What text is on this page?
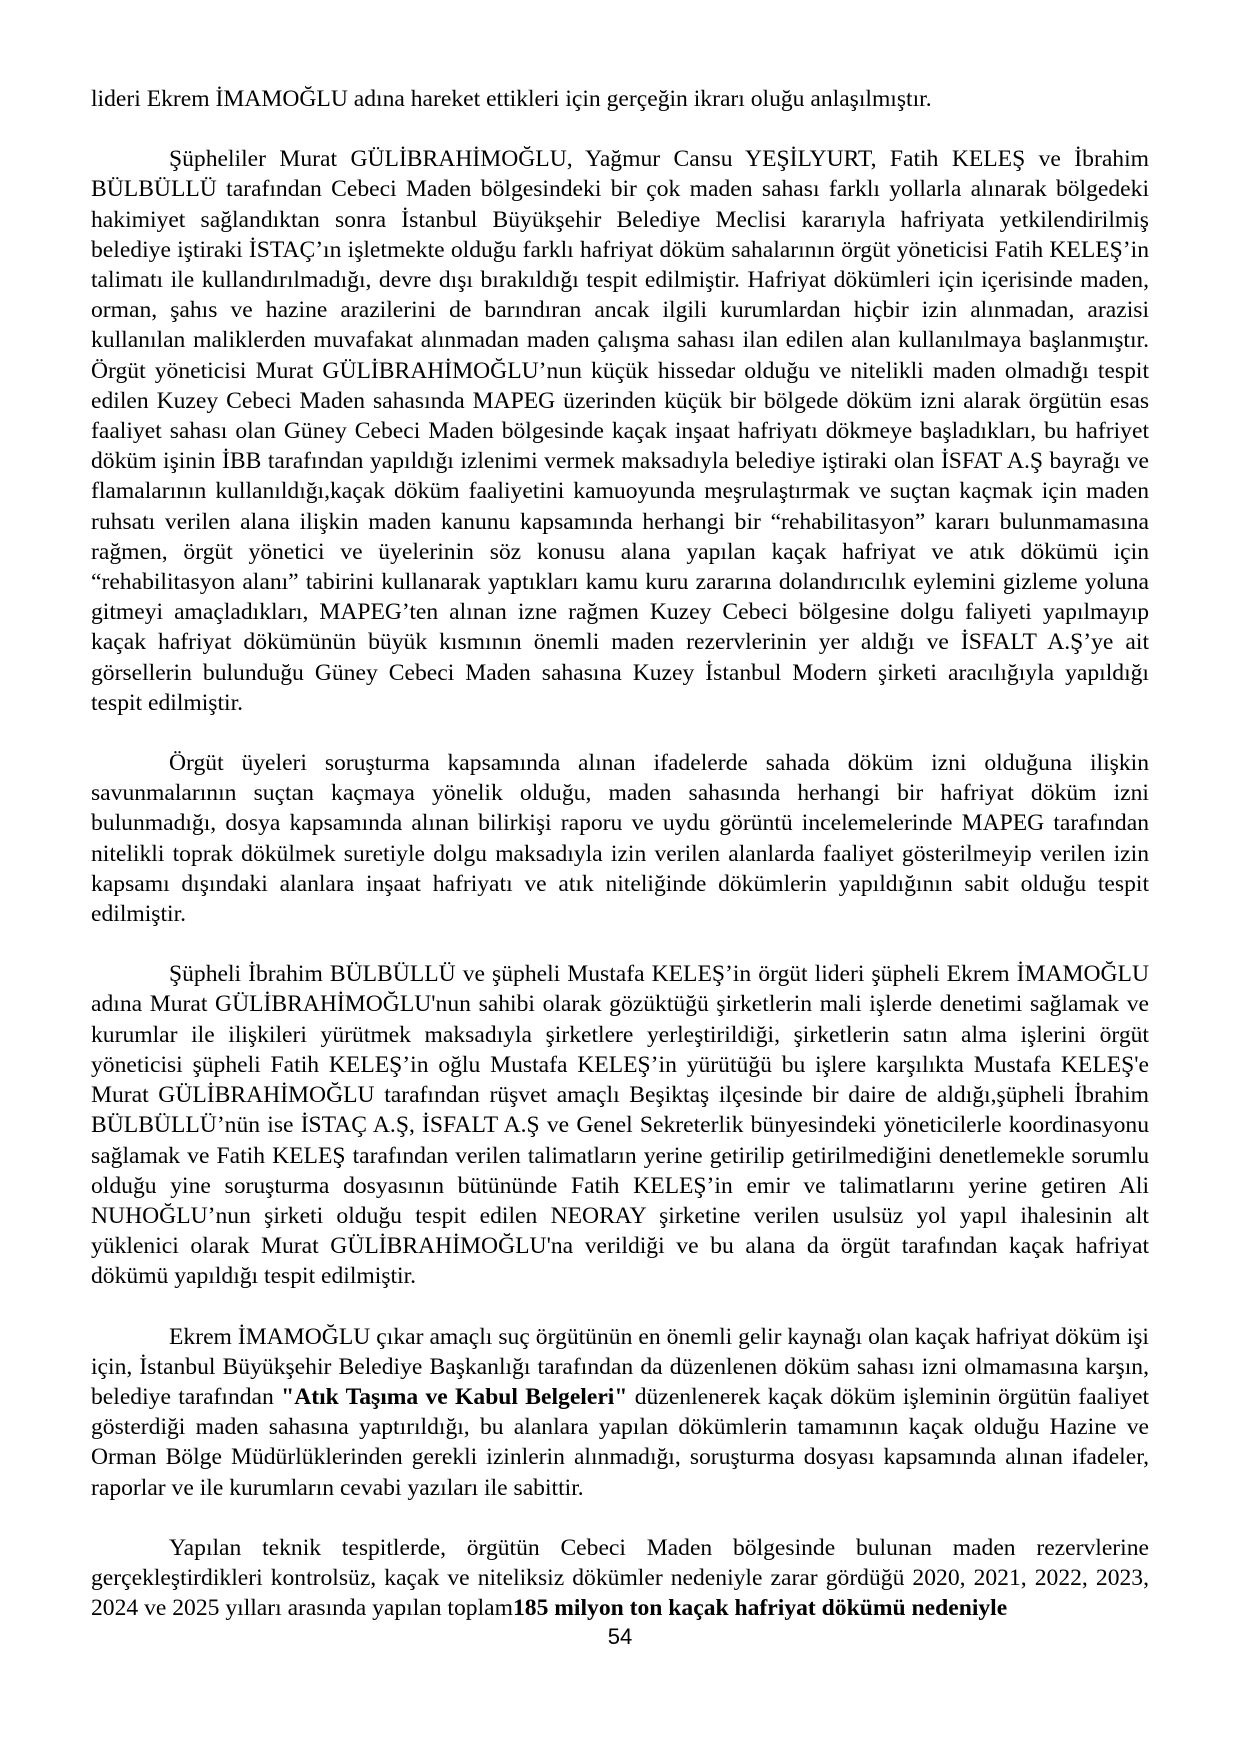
lideri Ekrem İMAMOĞLU adına hareket ettikleri için gerçeğin ikrarı oluğu anlaşılmıştır.

Şüpheliler Murat GÜLİBRAHİMOĞLU, Yağmur Cansu YEŞİLYURT, Fatih KELEŞ ve İbrahim BÜLBÜLLÜ tarafından Cebeci Maden bölgesindeki bir çok maden sahası farklı yollarla alınarak bölgedeki hakimiyet sağlandıktan sonra İstanbul Büyükşehir Belediye Meclisi kararıyla hafriyata yetkilendirilmiş belediye iştiraki İSTAÇ’ın işletmekte olduğu farklı hafriyat döküm sahalarının örgüt yöneticisi Fatih KELEŞ’in talimatı ile kullandırılmadığı, devre dışı bırakıldığı tespit edilmiştir. Hafriyat dökümleri için içerisinde maden, orman, şahıs ve hazine arazilerini de barındıran ancak ilgili kurumlardan hiçbir izin alınmadan, arazisi kullanılan maliklerden muvafakat alınmadan maden çalışma sahası ilan edilen alan kullanılmaya başlanmıştır. Örgüt yöneticisi Murat GÜLİBRAHİMOĞLU’nun küçük hissedar olduğu ve nitelikli maden olmadığı tespit edilen Kuzey Cebeci Maden sahasında MAPEG üzerinden küçük bir bölgede döküm izni alarak örgütün esas faaliyet sahası olan Güney Cebeci Maden bölgesinde kaçak inşaat hafriyatı dökmeye başladıkları, bu hafriyet döküm işinin İBB tarafından yapıldığı izlenimi vermek maksadıyla belediye iştiraki olan İSFAT A.Ş bayrağı ve flamalarının kullanıldığı,kaçak döküm faaliyetini kamuoyunda meşrulaştırmak ve suçtan kaçmak için maden ruhsatı verilen alana ilişkin maden kanunu kapsamında herhangi bir “rehabilitasyon” kararı bulunmamasına rağmen, örgüt yönetici ve üyelerinin söz konusu alana yapılan kaçak hafriyat ve atık dökümü için “rehabilitasyon alanı” tabirini kullanarak yaptıkları kamu kuru zararına dolandırıcılık eylemini gizleme yoluna gitmeyi amaçladıkları, MAPEG’ten alınan izne rağmen Kuzey Cebeci bölgesine dolgu faliyeti yapılmayıp kaçak hafriyat dökümünün büyük kısmının önemli maden rezervlerinin yer aldığı ve İSFALT A.Ş’ye ait görsellerin bulunduğu Güney Cebeci Maden sahasına Kuzey İstanbul Modern şirketi aracılığıyla yapıldığı tespit edilmiştir.

Örgüt üyeleri soruşturma kapsamında alınan ifadelerde sahada döküm izni olduğuna ilişkin savunmalarının suçtan kaçmaya yönelik olduğu, maden sahasında herhangi bir hafriyat döküm izni bulunmadığı, dosya kapsamında alınan bilirkişi raporu ve uydu görüntü incelemelerinde MAPEG tarafından nitelikli toprak dökülmek suretiyle dolgu maksadıyla izin verilen alanlarda faaliyet gösterilmeyip verilen izin kapsamı dışındaki alanlara inşaat hafriyatı ve atık niteliğinde dökümlerin yapıldığının sabit olduğu tespit edilmiştir.

Şüpheli İbrahim BÜLBÜLLÜ ve şüpheli Mustafa KELEŞ’in örgüt lideri şüpheli Ekrem İMAMOĞLU adına Murat GÜLİBRAHİMOĞLU'nun sahibi olarak gözüktüğü şirketlerin mali işlerde denetimi sağlamak ve kurumlar ile ilişkileri yürütmek maksadıyla şirketlere yerleştirildiği, şirketlerin satın alma işlerini örgüt yöneticisi şüpheli Fatih KELEŞ’in oğlu Mustafa KELEŞ’in yürütüğü bu işlere karşılıkta Mustafa KELEŞ'e Murat GÜLİBRAHİMOĞLU tarafından rüşvet amaçlı Beşiktaş ilçesinde bir daire de aldığı,şüpheli İbrahim BÜLBÜLLÜ’nün ise İSTAÇ A.Ş, İSFALT A.Ş ve Genel Sekreterlik bünyesindeki yöneticilerle koordinasyonu sağlamak ve Fatih KELEŞ tarafından verilen talimatların yerine getirilip getirilmediğini denetlemekle sorumlu olduğu yine soruşturma dosyasının bütününde Fatih KELEŞ’in emir ve talimatlarını yerine getiren Ali NUHOĞLU’nun şirketi olduğu tespit edilen NEORAY şirketine verilen usulsüz yol yapıl ihalesinin alt yüklenici olarak Murat GÜLİBRAHİMOĞLU'na verildiği ve bu alana da örgüt tarafından kaçak hafriyat dökümü yapıldığı tespit edilmiştir.

Ekrem İMAMOĞLU çıkar amaçlı suç örgütünün en önemli gelir kaynağı olan kaçak hafriyat döküm işi için, İstanbul Büyükşehir Belediye Başkanlığı tarafından da düzenlenen döküm sahası izni olmamasına karşın, belediye tarafından "Atık Taşıma ve Kabul Belgeleri" düzenlenerek kaçak döküm işleminin örgütün faaliyet gösterdiği maden sahasına yaptırıldığı, bu alanlara yapılan dökümlerin tamamının kaçak olduğu Hazine ve Orman Bölge Müdürlüklerinden gerekli izinlerin alınmadığı, soruşturma dosyası kapsamında alınan ifadeler, raporlar ve ile kurumların cevabi yazıları ile sabittir.

Yapılan teknik tespitlerde, örgütün Cebeci Maden bölgesinde bulunan maden rezervlerine gerçekleştirdikleri kontrolsüz, kaçak ve niteliksiz dökümler nedeniyle zarar gördüğü 2020, 2021, 2022, 2023, 2024 ve 2025 yılları arasında yapılan toplam185 milyon ton kaçak hafriyat dökümü nedeniyle

54
